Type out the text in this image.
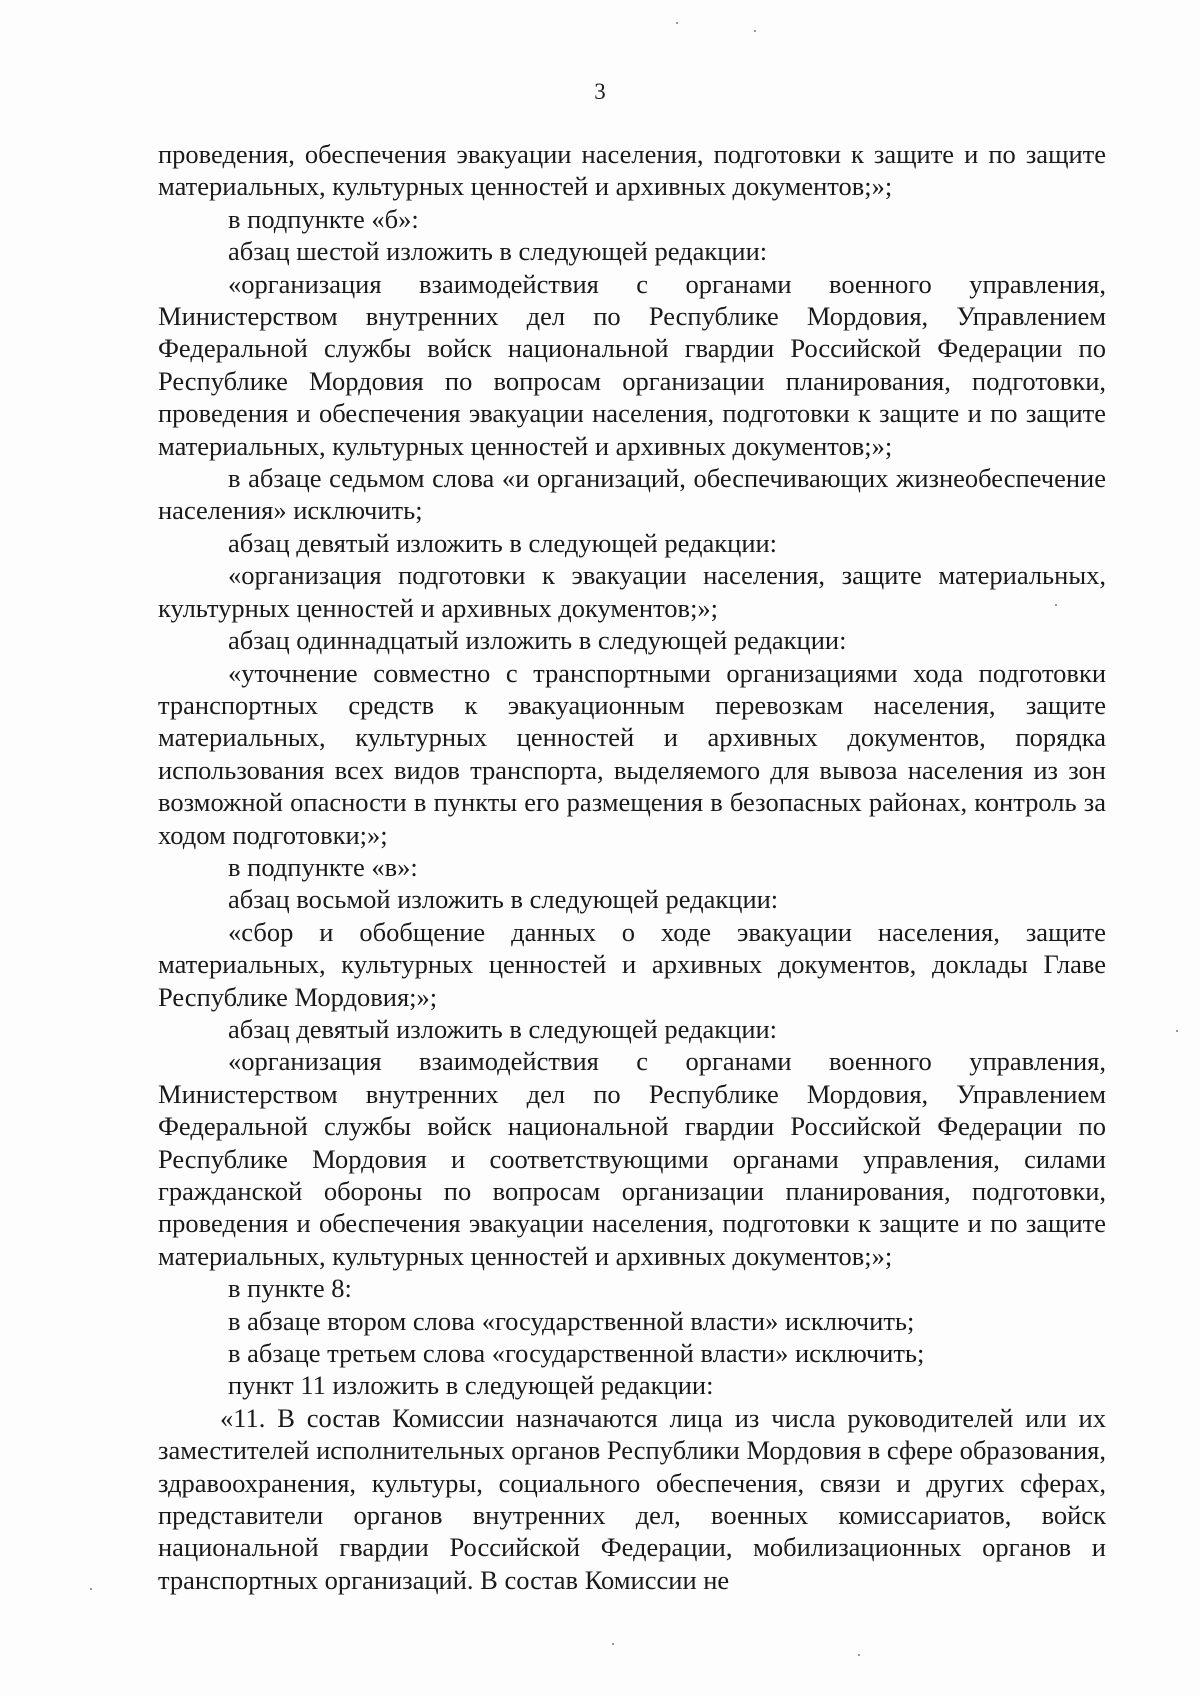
3

проведения, обеспечения эвакуации населения, подготовки к защите и по защите материальных, культурных ценностей и архивных документов;»;

в подпункте «б»:

абзац шестой изложить в следующей редакции:

«организация взаимодействия с органами военного управления, Министерством внутренних дел по Республике Мордовия, Управлением Федеральной службы войск национальной гвардии Российской Федерации по Республике Мордовия по вопросам организации планирования, подготовки, проведения и обеспечения эвакуации населения, подготовки к защите и по защите материальных, культурных ценностей и архивных документов;»;

в абзаце седьмом слова «и организаций, обеспечивающих жизнеобеспечение населения» исключить;

абзац девятый изложить в следующей редакции:

«организация подготовки к эвакуации населения, защите материальных, культурных ценностей и архивных документов;»;

абзац одиннадцатый изложить в следующей редакции:

«уточнение совместно с транспортными организациями хода подготовки транспортных средств к эвакуационным перевозкам населения, защите материальных, культурных ценностей и архивных документов, порядка использования всех видов транспорта, выделяемого для вывоза населения из зон возможной опасности в пункты его размещения в безопасных районах, контроль за ходом подготовки;»;

в подпункте «в»:

абзац восьмой изложить в следующей редакции:

«сбор и обобщение данных о ходе эвакуации населения, защите материальных, культурных ценностей и архивных документов, доклады Главе Республике Мордовия;»;

абзац девятый изложить в следующей редакции:

«организация взаимодействия с органами военного управления, Министерством внутренних дел по Республике Мордовия, Управлением Федеральной службы войск национальной гвардии Российской Федерации по Республике Мордовия и соответствующими органами управления, силами гражданской обороны по вопросам организации планирования, подготовки, проведения и обеспечения эвакуации населения, подготовки к защите и по защите материальных, культурных ценностей и архивных документов;»;

в пункте 8:

в абзаце втором слова «государственной власти» исключить;

в абзаце третьем слова «государственной власти» исключить;

пункт 11 изложить в следующей редакции:

«11. В состав Комиссии назначаются лица из числа руководителей или их заместителей исполнительных органов Республики Мордовия в сфере образования, здравоохранения, культуры, социального обеспечения, связи и других сферах, представители органов внутренних дел, военных комиссариатов, войск национальной гвардии Российской Федерации, мобилизационных органов и транспортных организаций. В состав Комиссии не
